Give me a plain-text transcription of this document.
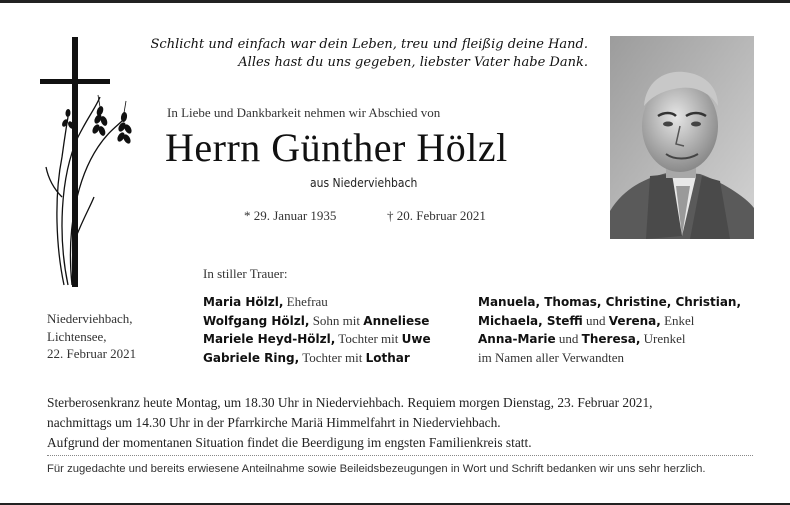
Schlicht und einfach war dein Leben, treu und fleißig deine Hand.
Alles hast du uns gegeben, liebster Vater habe Dank.
In Liebe und Dankbarkeit nehmen wir Abschied von
Herrn Günther Hölzl
aus Niederviehbach
* 29. Januar 1935	† 20. Februar 2021
In stiller Trauer:
Niederviehbach,
Lichtensee,
22. Februar 2021
Maria Hölzl, Ehefrau
Wolfgang Hölzl, Sohn mit Anneliese
Mariele Heyd-Hölzl, Tochter mit Uwe
Gabriele Ring, Tochter mit Lothar
Manuela, Thomas, Christine, Christian,
Michaela, Steffi und Verena, Enkel
Anna-Marie und Theresa, Urenkel
im Namen aller Verwandten
Sterberosenkranz heute Montag, um 18.30 Uhr in Niederviehbach. Requiem morgen Dienstag, 23. Februar 2021,
nachmittags um 14.30 Uhr in der Pfarrkirche Mariä Himmelfahrt in Niederviehbach.
Aufgrund der momentanen Situation findet die Beerdigung im engsten Familienkreis statt.
Für zugedachte und bereits erwiesene Anteilnahme sowie Beileidsbezeugungen in Wort und Schrift bedanken wir uns sehr herzlich.
